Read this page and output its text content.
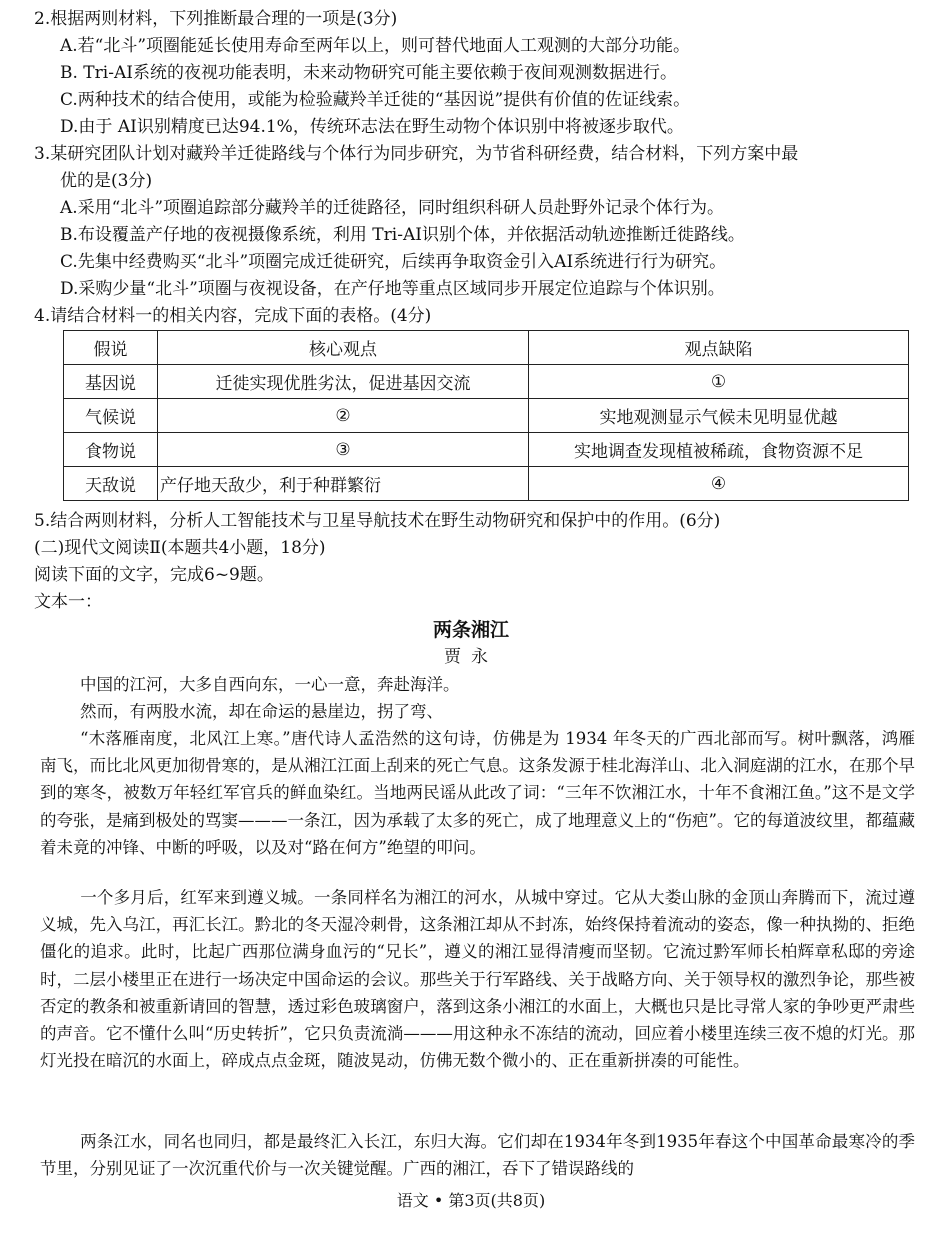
2.根据两则材料，下列推断最合理的一项是(3分)
A.若“北斗”项圈能延长使用寿命至两年以上，则可替代地面人工观测的大部分功能。
B. Tri-AI系统的夜视功能表明，未来动物研究可能主要依赖于夜间观测数据进行。
C.两种技术的结合使用，或能为检验藏羚羊迁徙的“基因说”提供有价值的佐证线索。
D.由于 AI识别精度已达94.1%，传统环志法在野生动物个体识别中将被逐步取代。
3.某研究团队计划对藏羚羊迁徙路线与个体行为同步研究，为节省科研经费，结合材料，下列方案中最
优的是(3分)
A.采用“北斗”项圈追踪部分藏羚羊的迁徙路径，同时组织科研人员赴野外记录个体行为。
B.布设覆盖产仔地的夜视摄像系统，利用 Tri-AI识别个体，并依据活动轨迹推断迁徙路线。
C.先集中经费购买“北斗”项圈完成迁徙研究，后续再争取资金引入AI系统进行行为研究。
D.采购少量“北斗”项圈与夜视设备，在产仔地等重点区域同步开展定位追踪与个体识别。
4.请结合材料一的相关内容，完成下面的表格。(4分)
假说	核心观点	观点缺陷
基因说	迁徙实现优胜劣汰，促进基因交流	①
气候说	②	实地观测显示气候未见明显优越
食物说	③	实地调查发现植被稀疏，食物资源不足
天敌说	产仔地天敌少，利于种群繁衍	④
5.结合两则材料，分析人工智能技术与卫星导航技术在野生动物研究和保护中的作用。(6分)
(二)现代文阅读Ⅱ(本题共4小题，18分)
阅读下面的文字，完成6~9题。
文本一：
两条湘江
贾永

中国的江河，大多自西向东，一心一意，奔赴海洋。

然而，有两股水流，却在命运的悬崖边，拐了弯、

“木落雁南度，北风江上寒。”唐代诗人孟浩然的这句诗，仿佛是为 1934 年冬天的广西北部而写。树叶飘落，鸿雁南飞，而比北风更加彻骨寒的，是从湘江江面上刮来的死亡气息。这条发源于桂北海洋山、北入洞庭湖的江水，在那个早到的寒冬，被数万年轻红军官兵的鲜血染红。当地两民谣从此改了词：“三年不饮湘江水，十年不食湘江鱼。”这不是文学的夸张，是痛到极处的骂窦———一条江，因为承载了太多的死亡，成了地理意义上的“伤疤”。它的每道波纹里，都蕴藏着未竟的冲锋、中断的呼吸，以及对“路在何方”绝望的叩问。

一个多月后，红军来到遵义城。一条同样名为湘江的河水，从城中穿过。它从大娄山脉的金顶山奔腾而下，流过遵义城，先入乌江，再汇长江。黔北的冬天湿冷刺骨，这条湘江却从不封冻，始终保持着流动的姿态，像一种执拗的、拒绝僵化的追求。此时，比起广西那位满身血污的“兄长”，遵义的湘江显得清瘦而坚韧。它流过黔军师长柏辉章私邸的旁途时，二层小楼里正在进行一场决定中国命运的会议。那些关于行军路线、关于战略方向、关于领导权的激烈争论，那些被否定的教条和被重新请回的智慧，透过彩色玻璃窗户，落到这条小湘江的水面上，大概也只是比寻常人家的争吵更严肃些的声音。它不懂什么叫“历史转折”，它只负责流淌———用这种永不冻结的流动，回应着小楼里连续三夜不熄的灯光。那灯光投在暗沉的水面上，碎成点点金斑，随波晃动，仿佛无数个微小的、正在重新拼凑的可能性。

两条江水，同名也同归，都是最终汇入长江，东归大海。它们却在1934年冬到1935年春这个中国革命最寒冷的季节里，分别见证了一次沉重代价与一次关键觉醒。广西的湘江，吞下了错误路线的

语文 • 第3页(共8页)
